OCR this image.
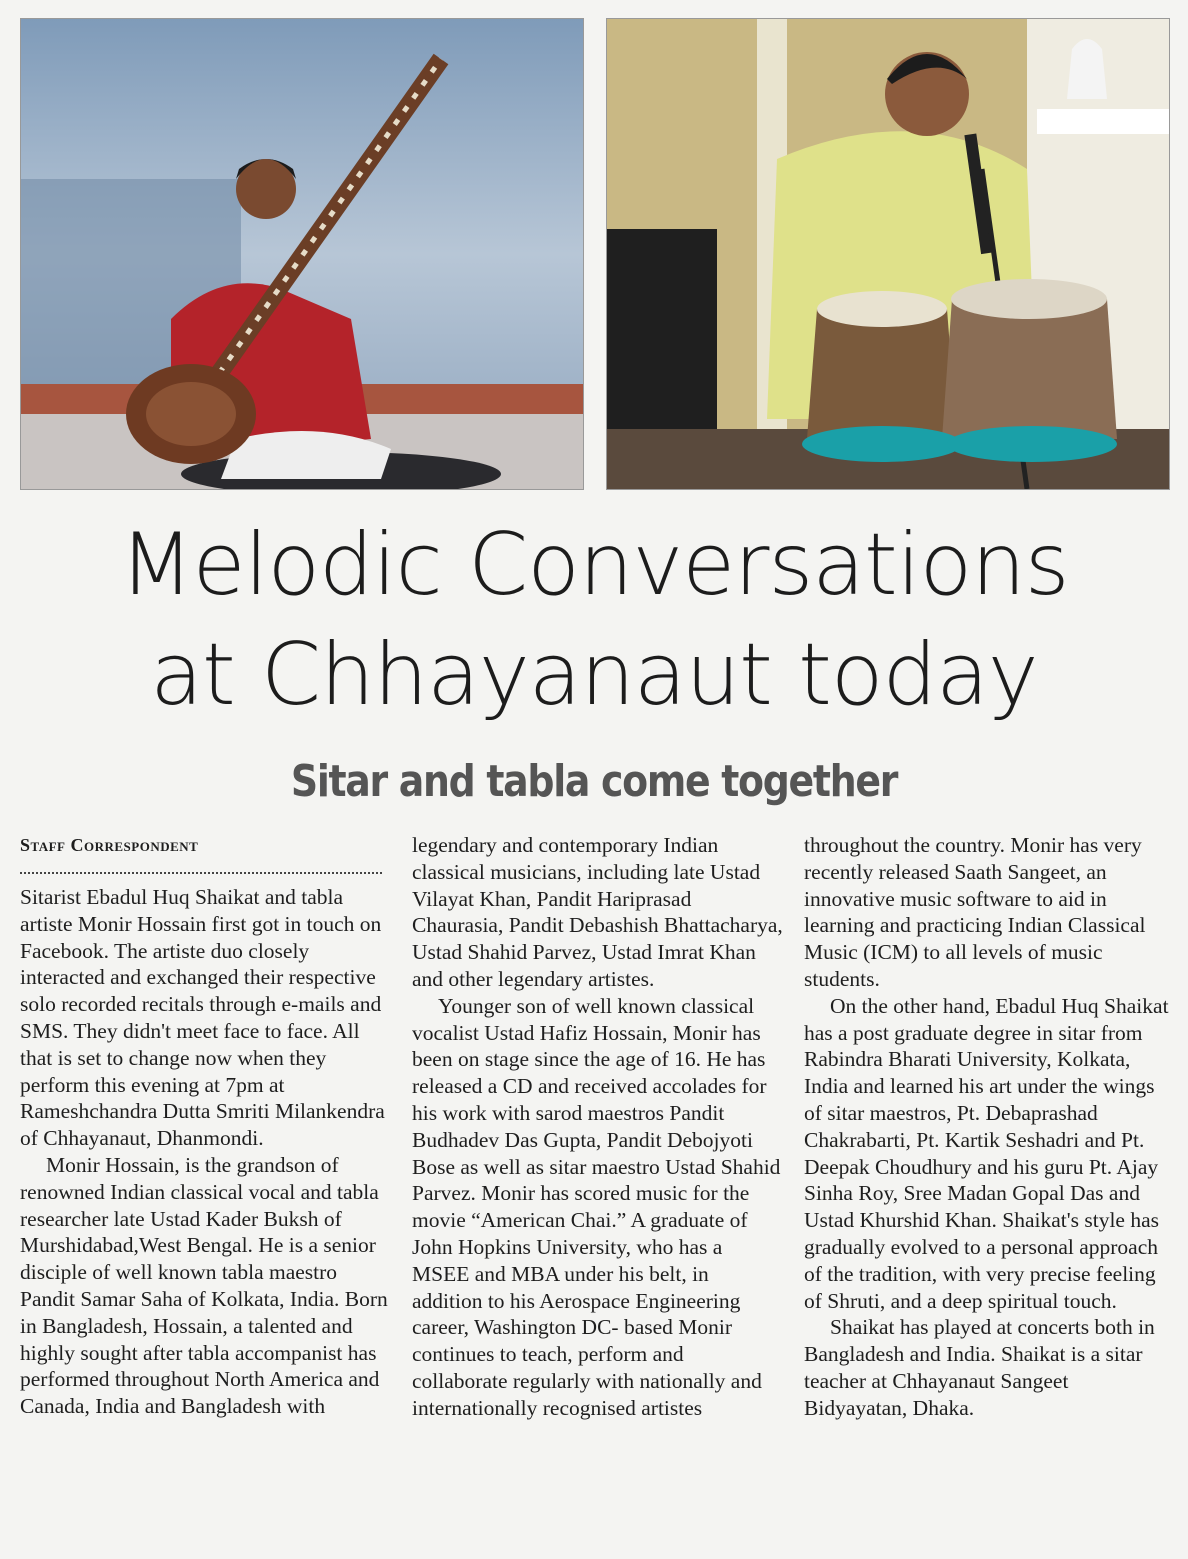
Melodic Conversations
at Chhayanaut today
Sitar and tabla come together
Staff Correspondent

Sitarist Ebadul Huq Shaikat and tabla artiste Monir Hossain first got in touch on Facebook. The artiste duo closely interacted and exchanged their respective solo recorded recitals through e-mails and SMS. They didn't meet face to face. All that is set to change now when they perform this evening at 7pm at Rameshchandra Dutta Smriti Milankendra of Chhayanaut, Dhanmondi.

Monir Hossain, is the grandson of renowned Indian classical vocal and tabla researcher late Ustad Kader Buksh of Murshidabad,West Bengal. He is a senior disciple of well known tabla maestro Pandit Samar Saha of Kolkata, India. Born in Bangladesh, Hossain, a talented and highly sought after tabla accompanist has performed throughout North America and Canada, India and Bangladesh with

legendary and contemporary Indian classical musicians, including late Ustad Vilayat Khan, Pandit Hariprasad Chaurasia, Pandit Debashish Bhattacharya, Ustad Shahid Parvez, Ustad Imrat Khan and other legendary artistes.

Younger son of well known classical vocalist Ustad Hafiz Hossain, Monir has been on stage since the age of 16. He has released a CD and received accolades for his work with sarod maestros Pandit Budhadev Das Gupta, Pandit Debojyoti Bose as well as sitar maestro Ustad Shahid Parvez. Monir has scored music for the movie “American Chai.” A graduate of John Hopkins University, who has a MSEE and MBA under his belt, in addition to his Aerospace Engineering career, Washington DC- based Monir continues to teach, perform and collaborate regularly with nationally and internationally recognised artistes

throughout the country. Monir has very recently released Saath Sangeet, an innovative music software to aid in learning and practicing Indian Classical Music (ICM) to all levels of music students.

On the other hand, Ebadul Huq Shaikat has a post graduate degree in sitar from Rabindra Bharati University, Kolkata, India and learned his art under the wings of sitar maestros, Pt. Debaprashad Chakrabarti, Pt. Kartik Seshadri and Pt. Deepak Choudhury and his guru Pt. Ajay Sinha Roy, Sree Madan Gopal Das and Ustad Khurshid Khan. Shaikat's style has gradually evolved to a personal approach of the tradition, with very precise feeling of Shruti, and a deep spiritual touch.

Shaikat has played at concerts both in Bangladesh and India. Shaikat is a sitar teacher at Chhayanaut Sangeet Bidyayatan, Dhaka.
